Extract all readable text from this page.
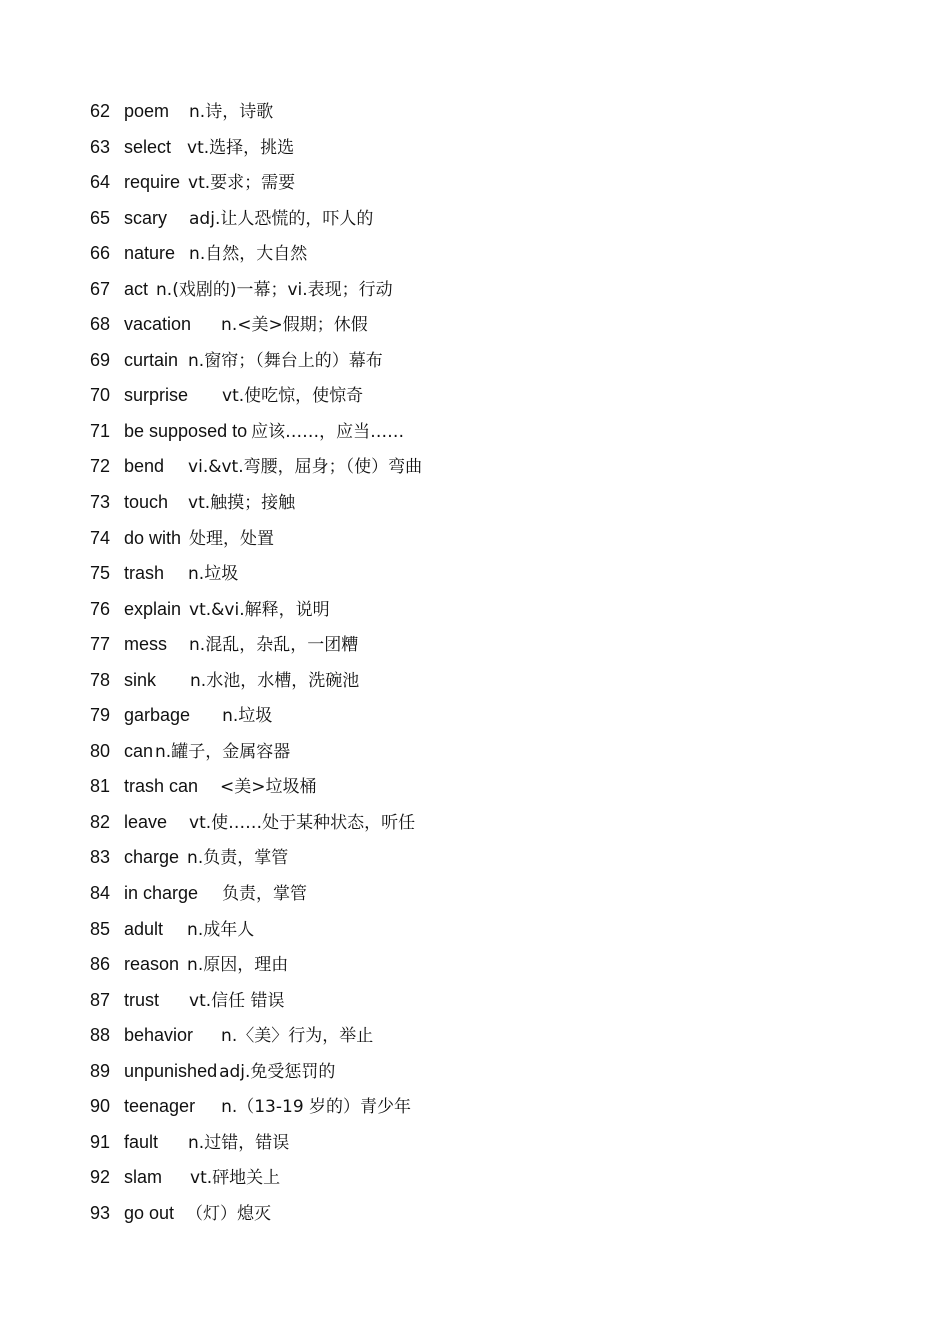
62 poem n.诗，诗歌
63 select vt.选择，挑选
64 require vt.要求；需要
65 scary adj.让人恐慌的，吓人的
66 nature n.自然，大自然
67 act n.(戏剧的)一幕；vi.表现；行动
68 vacation n.<美>假期；休假
69 curtain n.窗帘；（舞台上的）幕布
70 surprise vt.使吃惊，使惊奇
71 be supposed to 应该……，应当……
72 bend vi.&vt.弯腰，屈身；（使）弯曲
73 touch vt.触摸；接触
74 do with 处理，处置
75 trash n.垃圾
76 explain vt.&vi.解释，说明
77 mess n.混乱，杂乱，一团糟
78 sink n.水池，水槽，洗碗池
79 garbage n.垃圾
80 can n.罐子，金属容器
81 trash can <美>垃圾桶
82 leave vt.使……处于某种状态，听任
83 charge n.负责，掌管
84 in charge 负责，掌管
85 adult n.成年人
86 reason n.原因，理由
87 trust vt.信任 错误
88 behavior n.〈美〉行为，举止
89 unpunished adj.免受惩罚的
90 teenager n.（13-19 岁的）青少年
91 fault n.过错，错误
92 slam vt.砰地关上
93 go out （灯）熄灭
